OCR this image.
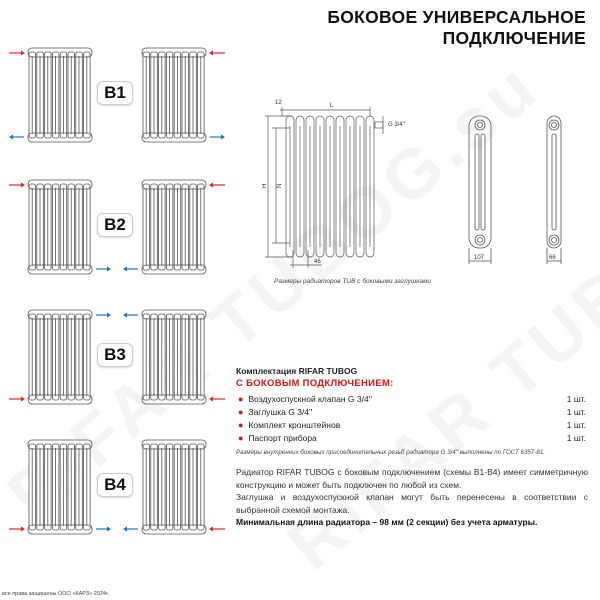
БОКОВОЕ УНИВЕРСАЛЬНОЕ
ПОДКЛЮЧЕНИЕ
B1
B2
B3
B4
12	L
G 3/4''
H N
46
107	66
Размеры радиаторов TUB с боковыми заглушками
Комплектация RIFAR TUBOG
С БОКОВЫМ ПОДКЛЮЧЕНИЕМ:
● Воздухоспускной клапан G 3/4''	1 шт.
● Заглушка G 3/4''	1 шт.
● Комплект кронштейнов	1 шт.
● Паспорт прибора	1 шт.
Размеры внутренних боковых присоединительных резьб радиатора G 3/4'' выполнены по ГОСТ 6357-81.
Радиатор RIFAR TUBOG с боковым подключением (схемы В1-В4) имеет симметричную конструкцию и может быть подключен по любой из схем.
Заглушка и воздухоспускной клапан могут быть перенесены в соответствии с выбранной схемой монтажа.
Минимальная длина радиатора – 98 мм (2 секции) без учета арматуры.
все права защищены ООО «КАРЗ» 2024г.
